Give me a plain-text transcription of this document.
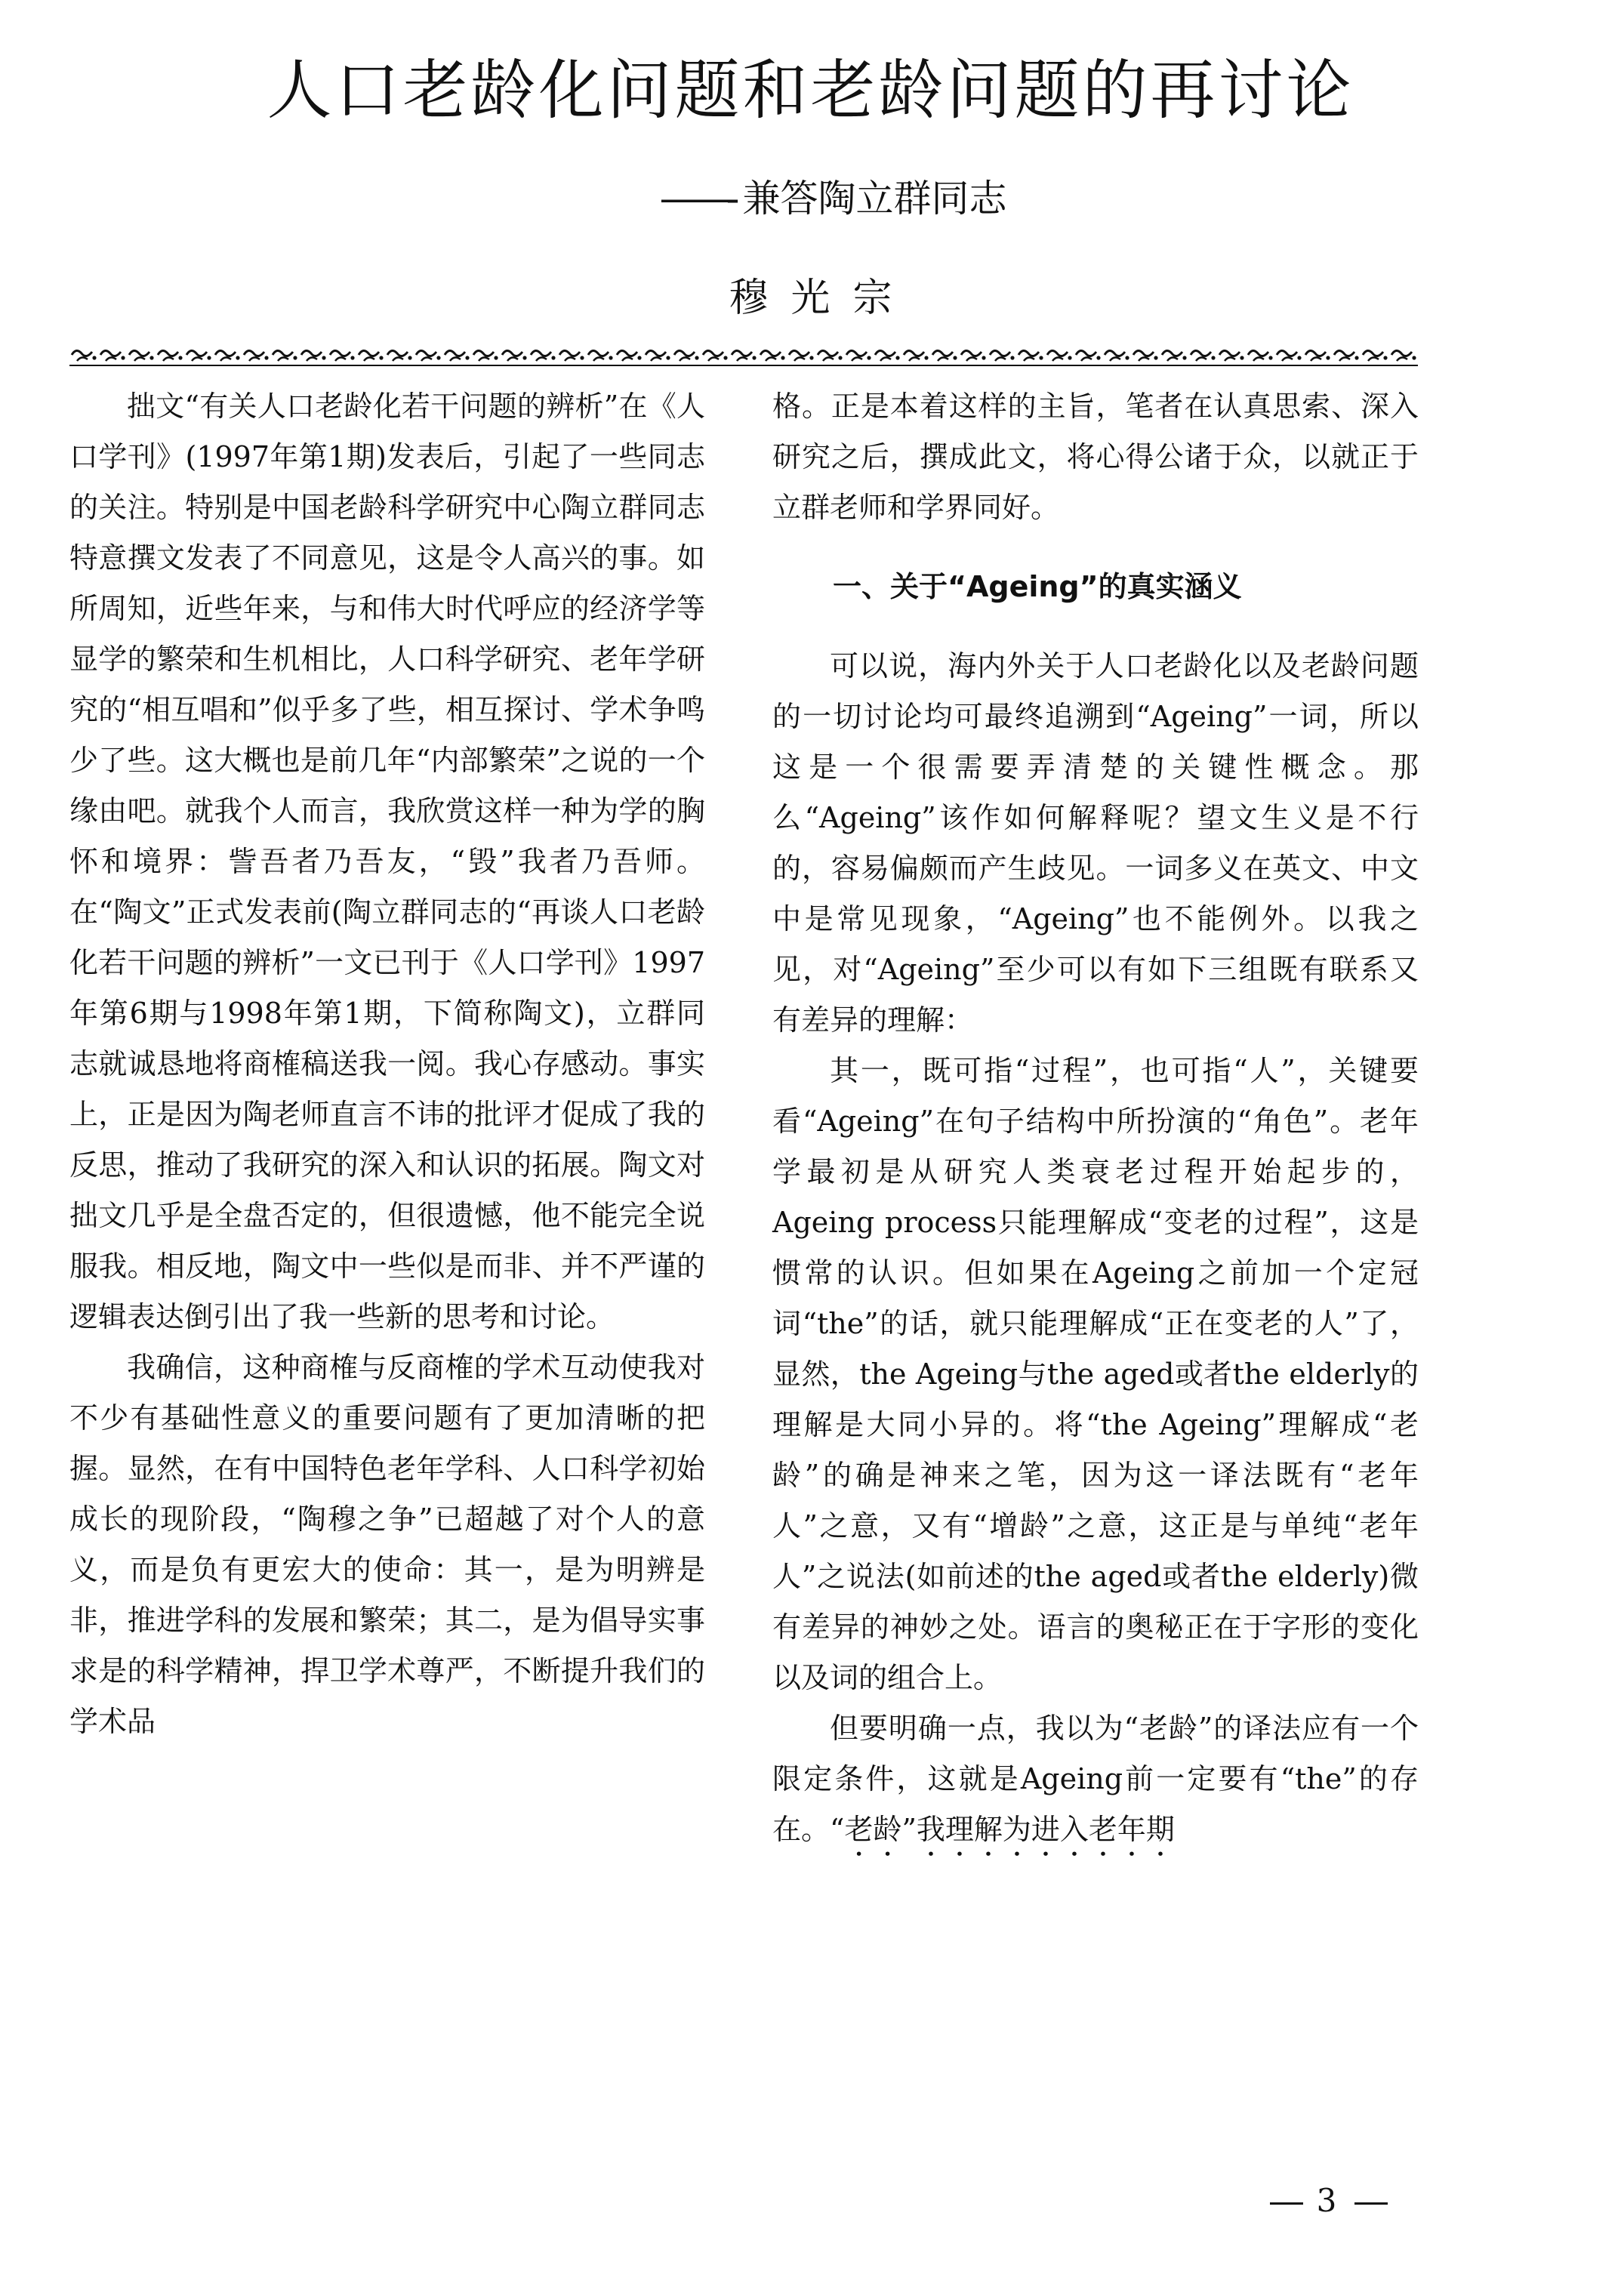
人口老龄化问题和老龄问题的再讨论
——- 兼答陶立群同志
穆光宗

拙文“有关人口老龄化若干问题的辨析”在《人口学刊》(1997年第1期)发表后，引起了一些同志的关注。特别是中国老龄科学研究中心陶立群同志特意撰文发表了不同意见，这是令人高兴的事。如所周知，近些年来，与和伟大时代呼应的经济学等显学的繁荣和生机相比，人口科学研究、老年学研究的“相互唱和”似乎多了些，相互探讨、学术争鸣少了些。这大概也是前几年“内部繁荣”之说的一个缘由吧。就我个人而言，我欣赏这样一种为学的胸怀和境界：訾吾者乃吾友，“毁”我者乃吾师。在“陶文”正式发表前(陶立群同志的“再谈人口老龄化若干问题的辨析”一文已刊于《人口学刊》1997年第6期与1998年第1期，下简称陶文)，立群同志就诚恳地将商榷稿送我一阅。我心存感动。事实上，正是因为陶老师直言不讳的批评才促成了我的反思，推动了我研究的深入和认识的拓展。陶文对拙文几乎是全盘否定的，但很遗憾，他不能完全说服我。相反地，陶文中一些似是而非、并不严谨的逻辑表达倒引出了我一些新的思考和讨论。

我确信，这种商榷与反商榷的学术互动使我对不少有基础性意义的重要问题有了更加清晰的把握。显然，在有中国特色老年学科、人口科学初始成长的现阶段，“陶穆之争”已超越了对个人的意义，而是负有更宏大的使命：其一，是为明辨是非，推进学科的发展和繁荣；其二，是为倡导实事求是的科学精神，捍卫学术尊严，不断提升我们的学术品

格。正是本着这样的主旨，笔者在认真思索、深入研究之后，撰成此文，将心得公诸于众，以就正于立群老师和学界同好。

一、关于“Ageing”的真实涵义

可以说，海内外关于人口老龄化以及老龄问题的一切讨论均可最终追溯到“Ageing”一词，所以这是一个很需要弄清楚的关键性概念。那么“Ageing”该作如何解释呢？望文生义是不行的，容易偏颇而产生歧见。一词多义在英文、中文中是常见现象，“Ageing”也不能例外。以我之见，对“Ageing”至少可以有如下三组既有联系又有差异的理解：

其一，既可指“过程”，也可指“人”，关键要看“Ageing”在句子结构中所扮演的“角色”。老年学最初是从研究人类衰老过程开始起步的，Ageing process只能理解成“变老的过程”，这是惯常的认识。但如果在Ageing之前加一个定冠词“the”的话，就只能理解成“正在变老的人”了，显然，the Ageing与the aged或者the elderly的理解是大同小异的。将“the Ageing”理解成“老龄”的确是神来之笔，因为这一译法既有“老年人”之意，又有“增龄”之意，这正是与单纯“老年人”之说法(如前述的the aged或者the elderly)微有差异的神妙之处。语言的奥秘正在于字形的变化以及词的组合上。

但要明确一点，我以为“老龄”的译法应有一个限定条件，这就是Ageing前一定要有“the”的存在。“老龄”我理解为进入老年期

3
